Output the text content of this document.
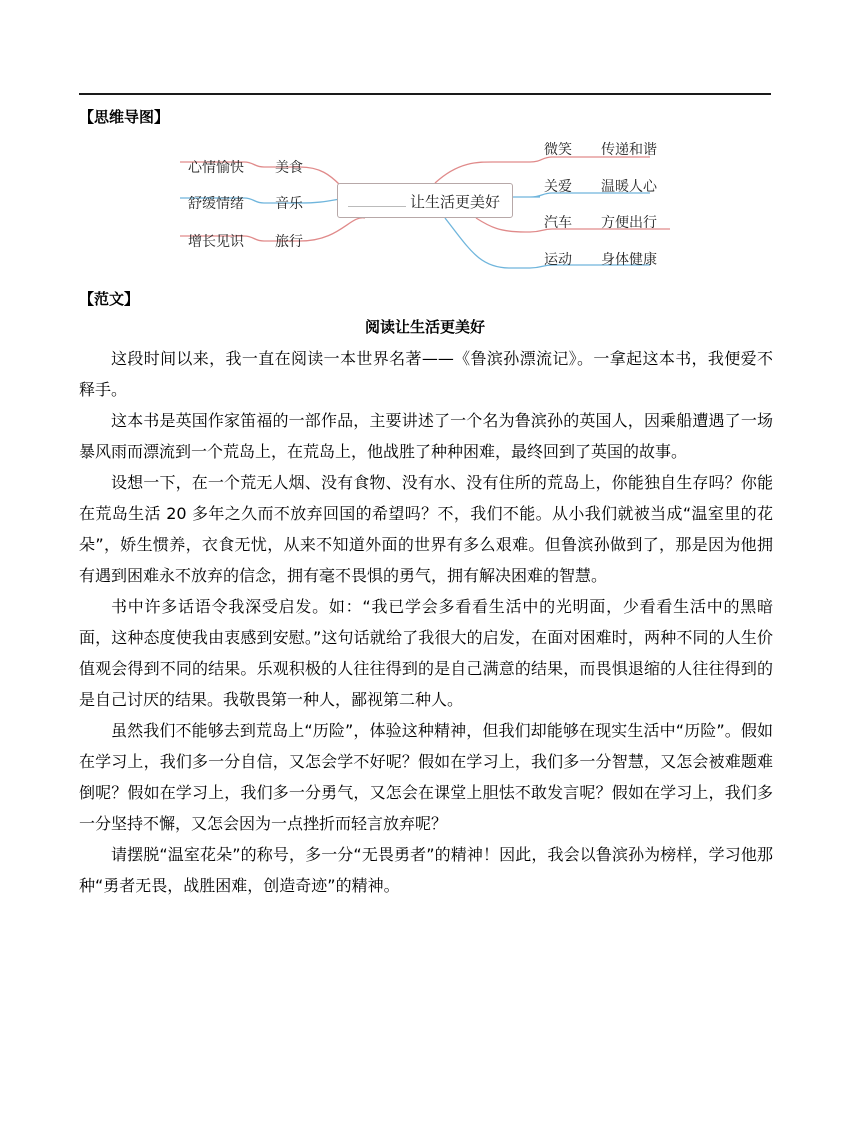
【思维导图】
心情愉快 美食
舒缓情绪 音乐
增长见识 旅行
让生活更美好
微笑 传递和谐
关爱 温暖人心
汽车 方便出行
运动 身体健康
【范文】
阅读让生活更美好

这段时间以来，我一直在阅读一本世界名著——《鲁滨孙漂流记》。一拿起这本书，我便爱不释手。

这本书是英国作家笛福的一部作品，主要讲述了一个名为鲁滨孙的英国人，因乘船遭遇了一场暴风雨而漂流到一个荒岛上，在荒岛上，他战胜了种种困难，最终回到了英国的故事。

设想一下，在一个荒无人烟、没有食物、没有水、没有住所的荒岛上，你能独自生存吗？你能在荒岛生活 20 多年之久而不放弃回国的希望吗？不，我们不能。从小我们就被当成“温室里的花朵”，娇生惯养，衣食无忧，从来不知道外面的世界有多么艰难。但鲁滨孙做到了，那是因为他拥有遇到困难永不放弃的信念，拥有毫不畏惧的勇气，拥有解决困难的智慧。

书中许多话语令我深受启发。如：“我已学会多看看生活中的光明面，少看看生活中的黑暗面，这种态度使我由衷感到安慰。”这句话就给了我很大的启发，在面对困难时，两种不同的人生价值观会得到不同的结果。乐观积极的人往往得到的是自己满意的结果，而畏惧退缩的人往往得到的是自己讨厌的结果。我敬畏第一种人，鄙视第二种人。

虽然我们不能够去到荒岛上“历险”，体验这种精神，但我们却能够在现实生活中“历险”。假如在学习上，我们多一分自信，又怎会学不好呢？假如在学习上，我们多一分智慧，又怎会被难题难倒呢？假如在学习上，我们多一分勇气，又怎会在课堂上胆怯不敢发言呢？假如在学习上，我们多一分坚持不懈，又怎会因为一点挫折而轻言放弃呢？

请摆脱“温室花朵”的称号，多一分“无畏勇者”的精神！因此，我会以鲁滨孙为榜样，学习他那种“勇者无畏，战胜困难，创造奇迹”的精神。
